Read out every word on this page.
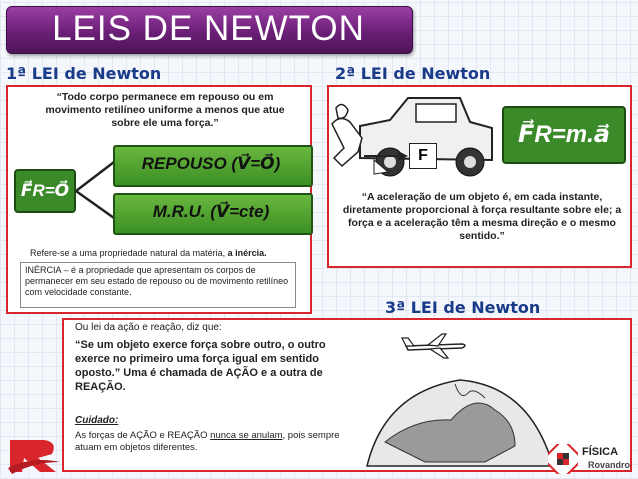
LEIS DE NEWTON
1ª LEI de Newton
“Todo corpo permanece em repouso ou em movimento retilíneo uniforme a menos que atue sobre ele uma força.”
F⃗R=O⃗
REPOUSO (V⃗=O⃗)
M.R.U. (V⃗=cte)
Refere-se a uma propriedade natural da matéria, a inércia.
INÉRCIA – é a propriedade que apresentam os corpos de permanecer em seu estado de repouso ou de movimento retilíneo com velocidade constante.
2ª LEI de Newton
F
F⃗R=m.a⃗
“A aceleração de um objeto é, em cada instante, diretamente proporcional à força resultante sobre ele; a força e a aceleração têm a mesma direção e o mesmo sentido.”
3ª LEI de Newton
Ou lei da ação e reação, diz que:
“Se um objeto exerce força sobre outro, o outro exerce no primeiro uma força igual em sentido oposto.” Uma é chamada de AÇÃO e a outra de REAÇÃO.
Cuidado:
As forças de AÇÃO e REAÇÃO nunca se anulam, pois sempre atuam em objetos diferentes.	FÍSICA
Rovandro
